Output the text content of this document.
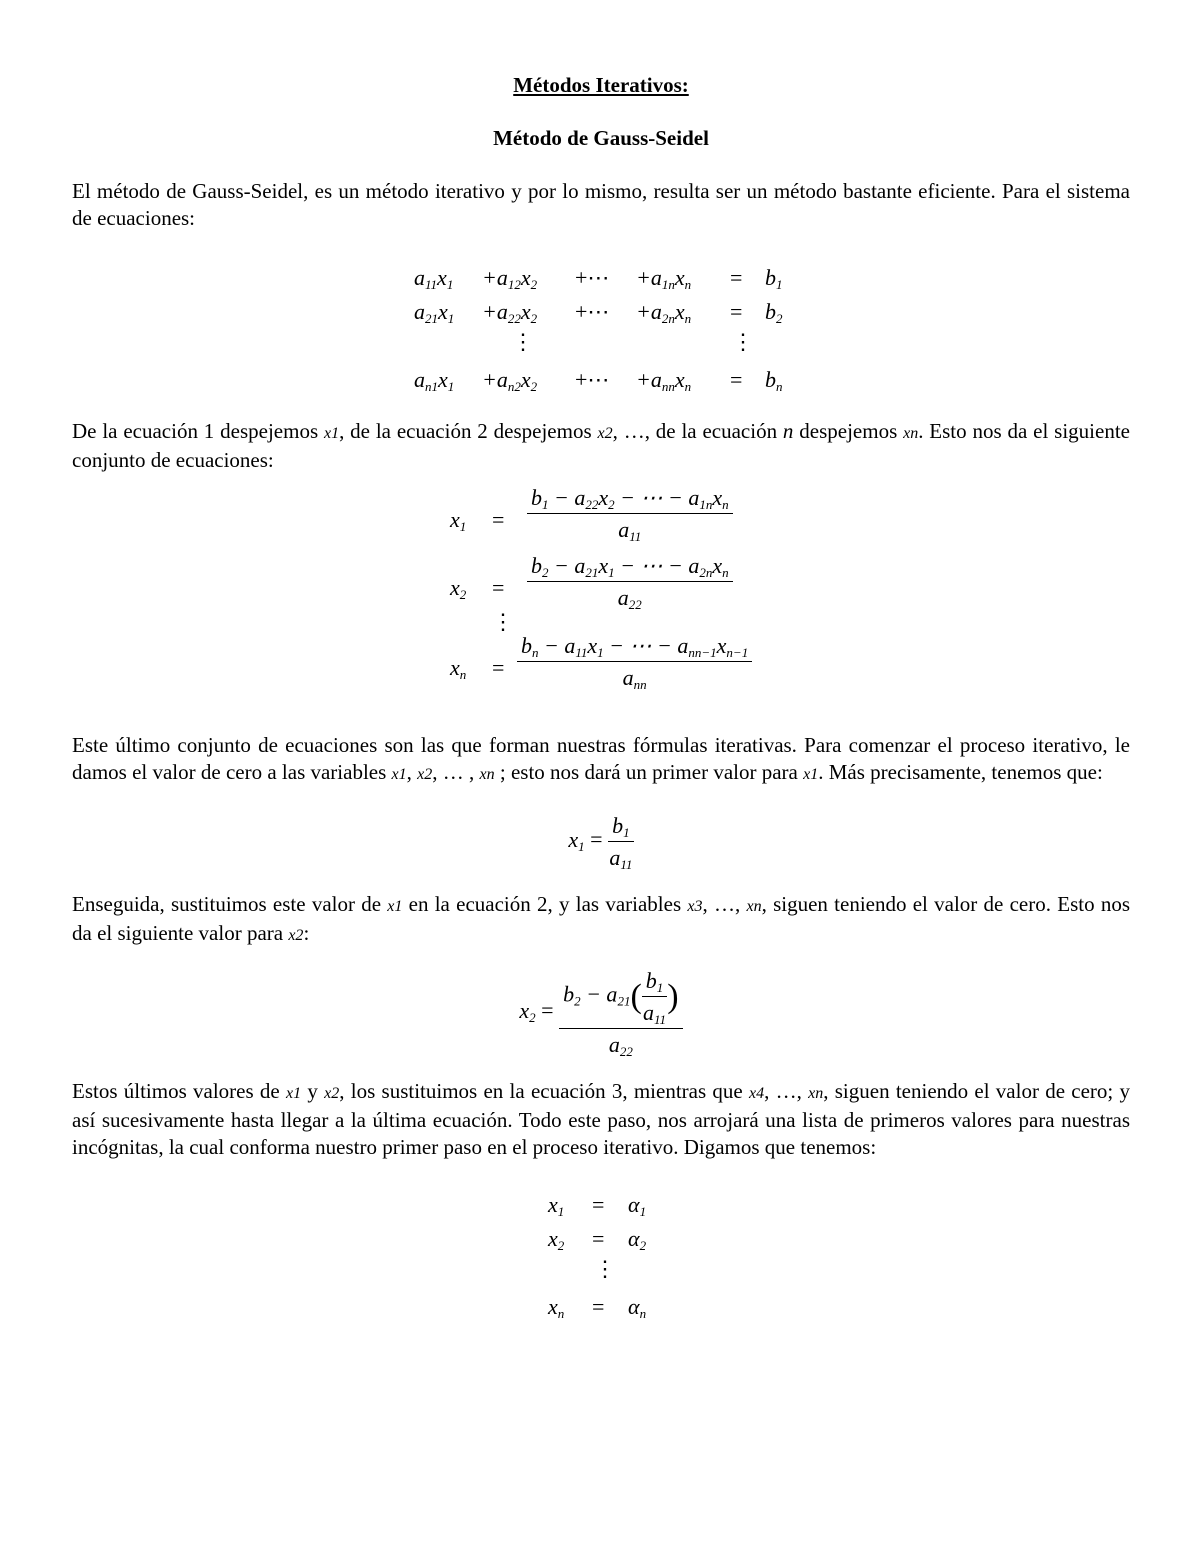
Métodos Iterativos:
Método de Gauss-Seidel

El método de Gauss-Seidel, es un método iterativo y por lo mismo, resulta ser un método bastante eficiente. Para el sistema de ecuaciones:

$a_{11}x_1 +a_{12}x_2$ +⋯ $+a_{1n}x_n = b_1$
$a_{21}x_1 +a_{22}x_2$ +⋯ $+a_{2n}x_n = b_2$
⋮	⋮
$a_{n1}x_1 +a_{n2}x_2$ +⋯ $+a_{nn}x_n = b_n$

De la ecuación 1 despejemos x1, de la ecuación 2 despejemos x2, …, de la ecuación n despejemos xn. Esto nos da el siguiente conjunto de ecuaciones:

$x_1 = \frac{b_1 - a_{22}x_2 - \cdots - a_{1n}x_n}{a_{11}}$
$x_2 = \frac{b_2 - a_{21}x_1 - \cdots - a_{2n}x_n}{a_{22}}$
⋮
$x_n = \frac{b_n - a_{11}x_1 - \cdots - a_{nn-1}x_{n-1}}{a_{nn}}$

Este último conjunto de ecuaciones son las que forman nuestras fórmulas iterativas. Para comenzar el proceso iterativo, le damos el valor de cero a las variables x1, x2, … , xn ; esto nos dará un primer valor para x1. Más precisamente, tenemos que:

$x_1 = \frac{b_1}{a_{11}}$

Enseguida, sustituimos este valor de x1 en la ecuación 2, y las variables x3, …, xn, siguen teniendo el valor de cero. Esto nos da el siguiente valor para x2:

$x_2 = \frac{b_2 - a_{21}( \frac{b_1}{a_{11}} )}{a_{22}}$

Estos últimos valores de x1 y x2, los sustituimos en la ecuación 3, mientras que x4, …, xn, siguen teniendo el valor de cero; y así sucesivamente hasta llegar a la última ecuación. Todo este paso, nos arrojará una lista de primeros valores para nuestras incógnitas, la cual conforma nuestro primer paso en el proceso iterativo. Digamos que tenemos:

$x_1 = \alpha_1$
$x_2 = \alpha_2$
⋮
$x_n = \alpha_n$
